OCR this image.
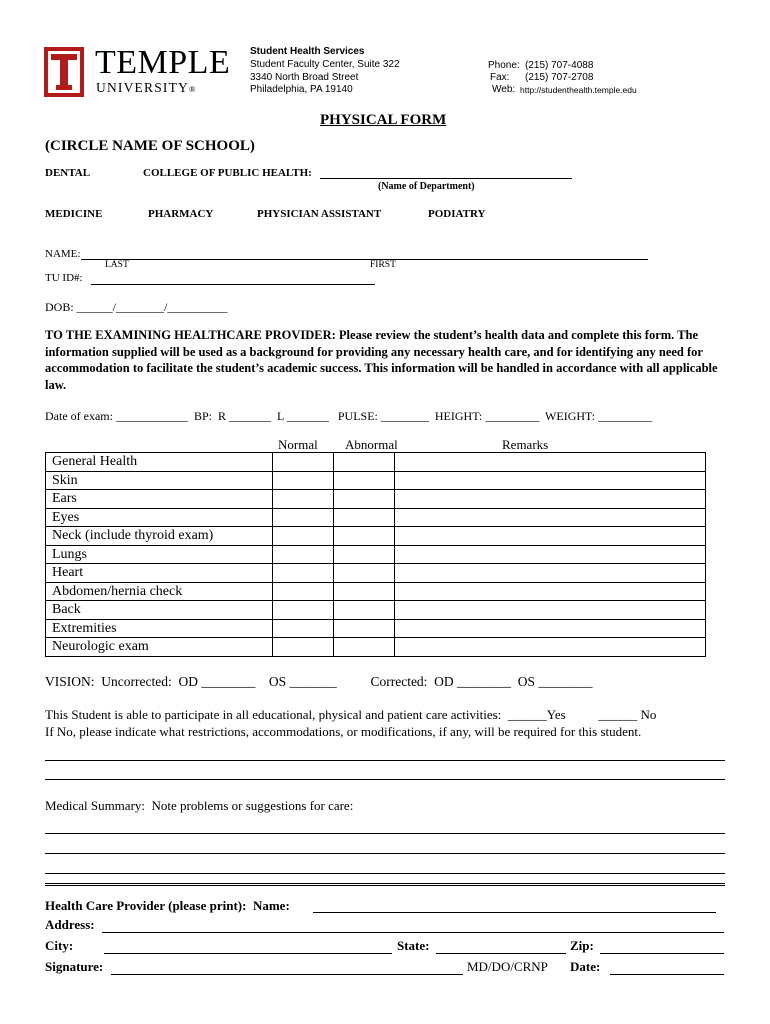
TEMPLE
UNIVERSITY®
Student Health Services
Student Faculty Center, Suite 322
3340 North Broad Street
Philadelphia, PA 19140
Phone: (215) 707-4088
Fax: (215) 707-2708
Web: http://studenthealth.temple.edu
PHYSICAL FORM
(CIRCLE NAME OF SCHOOL)
DENTAL	COLLEGE OF PUBLIC HEALTH:
(Name of Department)
MEDICINE	PHARMACY	PHYSICIAN ASSISTANT	PODIATRY
NAME:
LAST	FIRST
TU ID#:
DOB: ______/________/__________
TO THE EXAMINING HEALTHCARE PROVIDER: Please review the student’s health data and complete this form. The information supplied will be used as a background for providing any necessary health care, and for identifying any need for accommodation to facilitate the student’s academic success. This information will be handled in accordance with all applicable law.
Date of exam: ____________  BP:  R _______  L _______   PULSE: ________  HEIGHT: _________  WEIGHT: _________
Normal Abnormal	Remarks
General Health			
Skin			
Ears			
Eyes			
Neck (include thyroid exam)			
Lungs			
Heart			
Abdomen/hernia check			
Back			
Extremities			
Neurologic exam			
VISION:  Uncorrected:  OD ________    OS _______          Corrected:  OD ________  OS ________
This Student is able to participate in all educational, physical and patient care activities:  ______Yes          ______ No
If No, please indicate what restrictions, accommodations, or modifications, if any, will be required for this student.
Medical Summary:  Note problems or suggestions for care:
Health Care Provider (please print):  Name:
Address:
City:	State:	Zip:
Signature:	MD/DO/CRNP Date:
